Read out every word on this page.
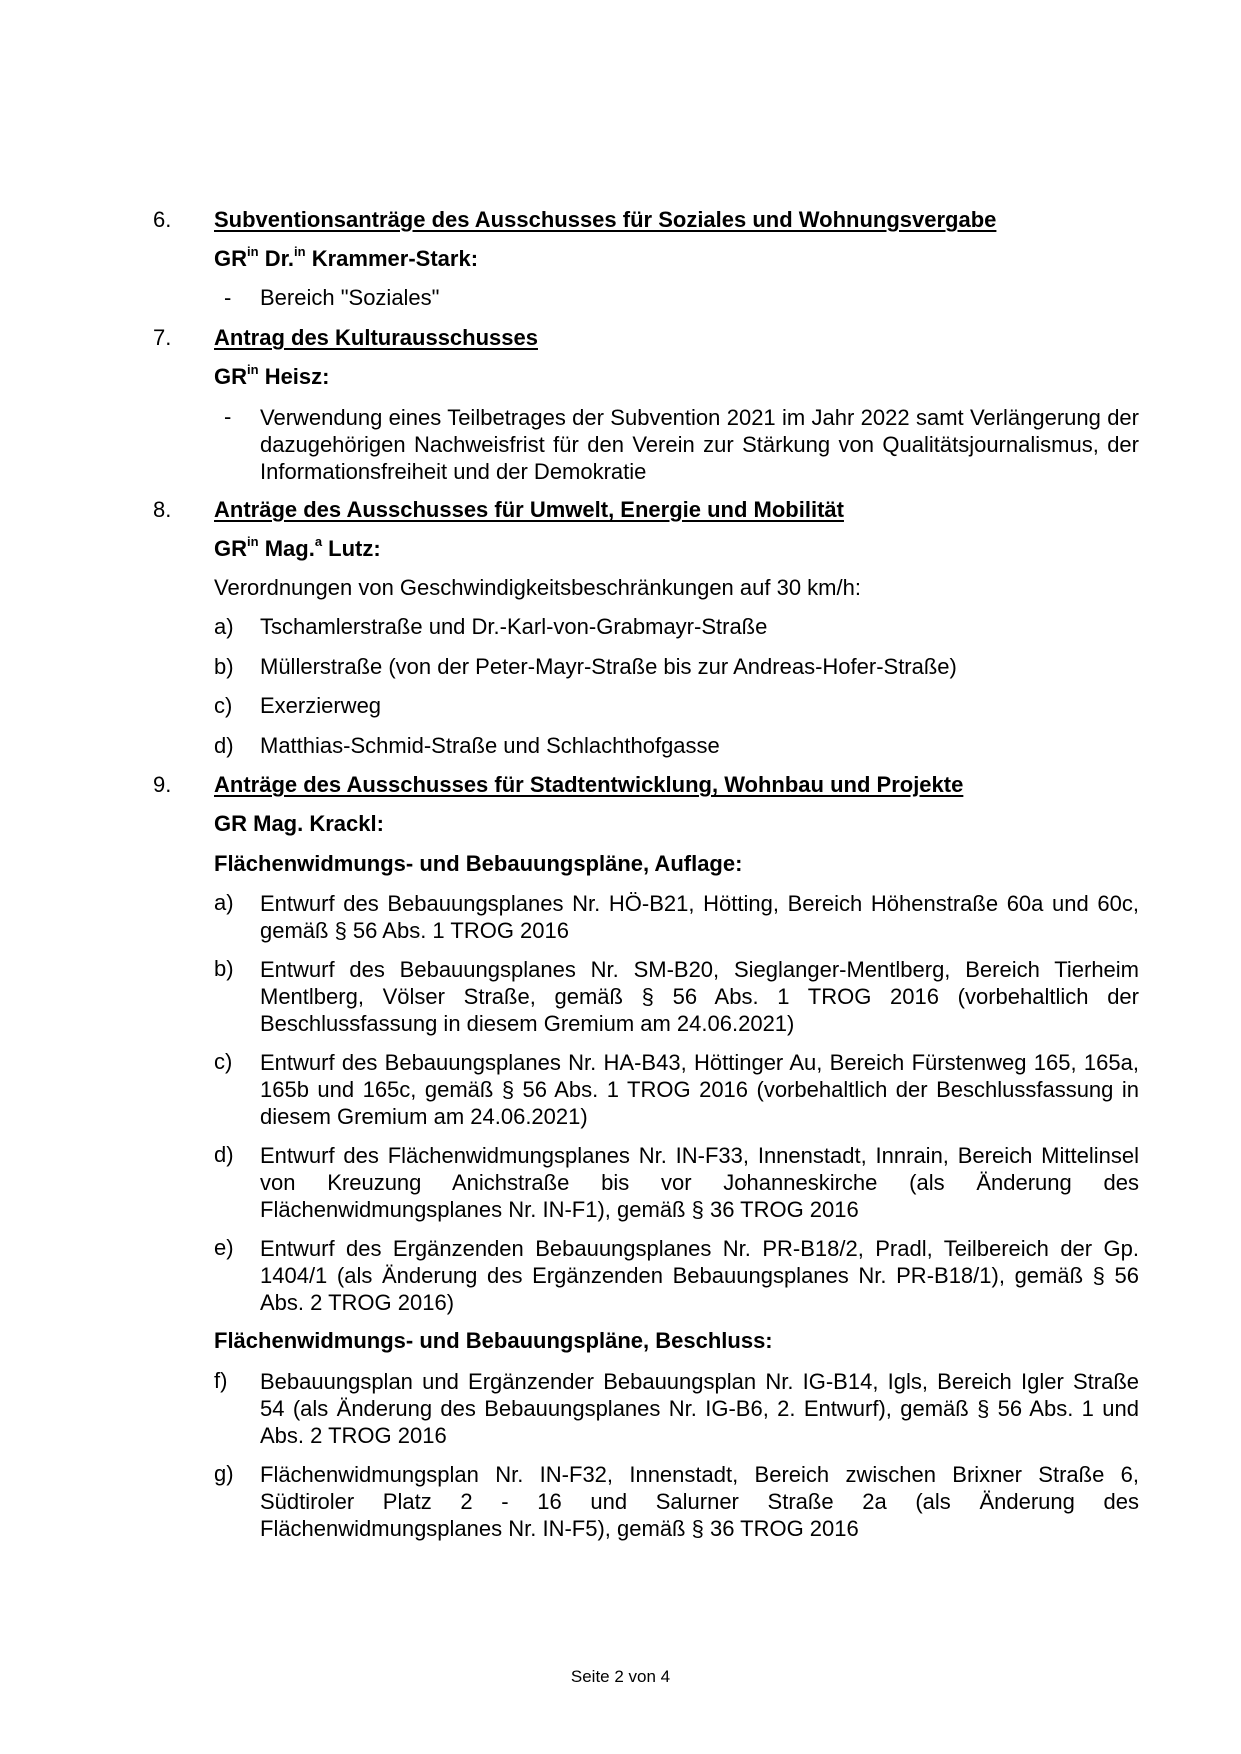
6. Subventionsanträge des Ausschusses für Soziales und Wohnungsvergabe
$GR^{in}$ Dr.$^{in}$ Krammer-Stark:
- Bereich "Soziales"
7. Antrag des Kulturausschusses
$GR^{in}$ Heisz:
- Verwendung eines Teilbetrages der Subvention 2021 im Jahr 2022 samt Verlängerung der dazugehörigen Nachweisfrist für den Verein zur Stärkung von Qualitätsjournalismus, der Informationsfreiheit und der Demokratie
8. Anträge des Ausschusses für Umwelt, Energie und Mobilität
$GR^{in}$ Mag.$^a$ Lutz:
Verordnungen von Geschwindigkeitsbeschränkungen auf 30 km/h:
a) Tschamlerstraße und Dr.-Karl-von-Grabmayr-Straße
b) Müllerstraße (von der Peter-Mayr-Straße bis zur Andreas-Hofer-Straße)
c) Exerzierweg
d) Matthias-Schmid-Straße und Schlachthofgasse
9. Anträge des Ausschusses für Stadtentwicklung, Wohnbau und Projekte
GR Mag. Krackl:
Flächenwidmungs- und Bebauungspläne, Auflage:
a) Entwurf des Bebauungsplanes Nr. HÖ-B21, Hötting, Bereich Höhenstraße 60a und 60c, gemäß § 56 Abs. 1 TROG 2016
b) Entwurf des Bebauungsplanes Nr. SM-B20, Sieglanger-Mentlberg, Bereich Tierheim Mentlberg, Völser Straße, gemäß § 56 Abs. 1 TROG 2016 (vorbehaltlich der Beschlussfassung in diesem Gremium am 24.06.2021)
c) Entwurf des Bebauungsplanes Nr. HA-B43, Höttinger Au, Bereich Fürstenweg 165, 165a, 165b und 165c, gemäß § 56 Abs. 1 TROG 2016 (vorbehaltlich der Beschlussfassung in diesem Gremium am 24.06.2021)
d) Entwurf des Flächenwidmungsplanes Nr. IN-F33, Innenstadt, Innrain, Bereich Mittelinsel von Kreuzung Anichstraße bis vor Johanneskirche (als Änderung des Flächenwidmungsplanes Nr. IN-F1), gemäß § 36 TROG 2016
e) Entwurf des Ergänzenden Bebauungsplanes Nr. PR-B18/2, Pradl, Teilbereich der Gp. 1404/1 (als Änderung des Ergänzenden Bebauungsplanes Nr. PR-B18/1), gemäß § 56 Abs. 2 TROG 2016)
Flächenwidmungs- und Bebauungspläne, Beschluss:
f) Bebauungsplan und Ergänzender Bebauungsplan Nr. IG-B14, Igls, Bereich Igler Straße 54 (als Änderung des Bebauungsplanes Nr. IG-B6, 2. Entwurf), gemäß § 56 Abs. 1 und Abs. 2 TROG 2016
g) Flächenwidmungsplan Nr. IN-F32, Innenstadt, Bereich zwischen Brixner Straße 6, Südtiroler Platz 2 - 16 und Salurner Straße 2a (als Änderung des Flächenwidmungsplanes Nr. IN-F5), gemäß § 36 TROG 2016
Seite 2 von 4
